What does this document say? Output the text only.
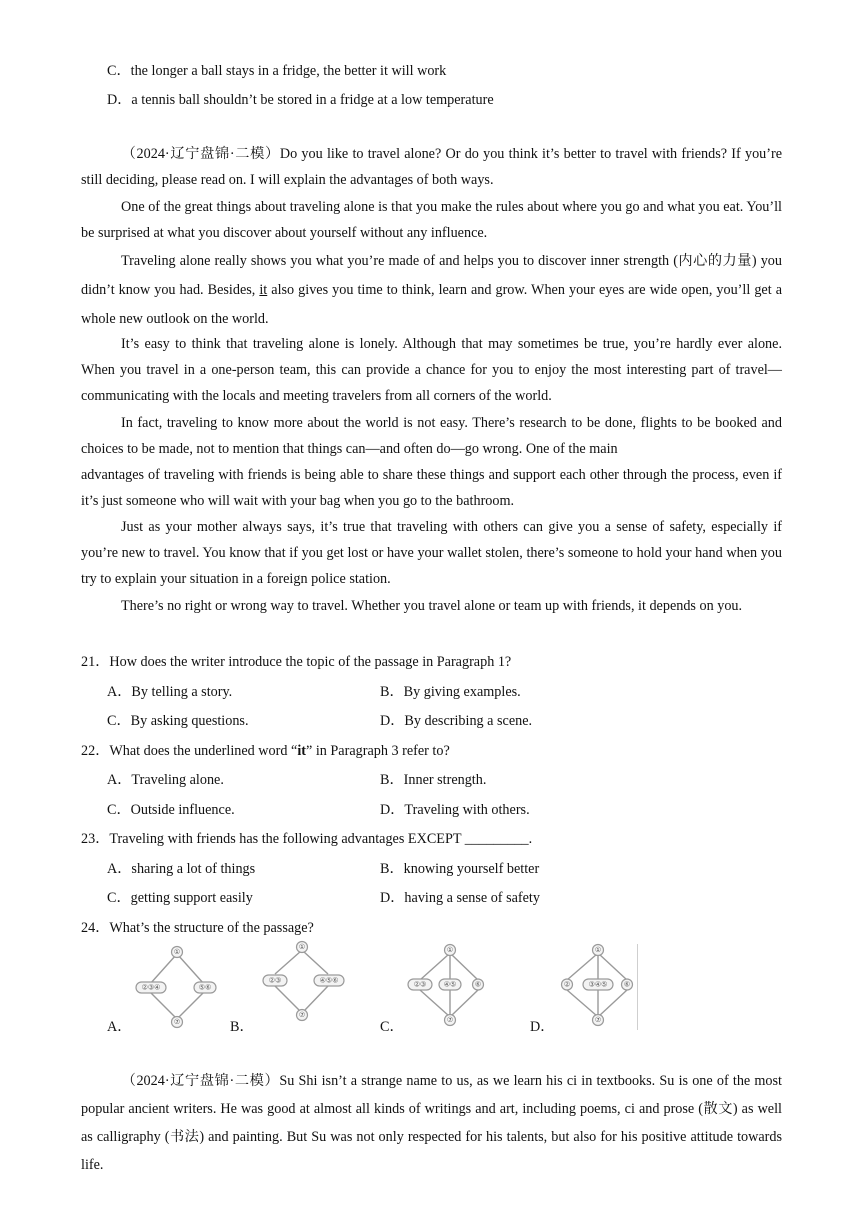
C．the longer a ball stays in a fridge, the better it will work
D．a tennis ball shouldn’t be stored in a fridge at a low temperature

（2024·辽宁盘锦·二模）Do you like to travel alone? Or do you think it’s better to travel with friends? If you’re still deciding, please read on. I will explain the advantages of both ways.

One of the great things about traveling alone is that you make the rules about where you go and what you eat. You’ll be surprised at what you discover about yourself without any influence.

Traveling alone really shows you what you’re made of and helps you to discover inner strength (内心的力量) you didn’t know you had. Besides, it also gives you time to think, learn and grow. When your eyes are wide open, you’ll get a whole new outlook on the world.

It’s easy to think that traveling alone is lonely. Although that may sometimes be true, you’re hardly ever alone. When you travel in a one-person team, this can provide a chance for you to enjoy the most interesting part of travel—communicating with the locals and meeting travelers from all corners of the world.

In fact, traveling to know more about the world is not easy. There’s research to be done, flights to be booked and choices to be made, not to mention that things can—and often do—go wrong. One of the main

advantages of traveling with friends is being able to share these things and support each other through the process, even if it’s just someone who will wait with your bag when you go to the bathroom.

Just as your mother always says, it’s true that traveling with others can give you a sense of safety, especially if you’re new to travel. You know that if you get lost or have your wallet stolen, there’s someone to hold your hand when you try to explain your situation in a foreign police station.

There’s no right or wrong way to travel. Whether you travel alone or team up with friends, it depends on you.

21．How does the writer introduce the topic of the passage in Paragraph 1?
A．By telling a story.	B．By giving examples.
C．By asking questions.	D．By describing a scene.
22．What does the underlined word “it” in Paragraph 3 refer to?
A．Traveling alone.	B．Inner strength.
C．Outside influence.	D．Traveling with others.
23．Traveling with friends has the following advantages EXCEPT _________.
A．sharing a lot of things	B．knowing yourself better
C．getting support easily	D．having a sense of safety
24．What’s the structure of the passage?
A．	B．	C．	D．
①
②③④	⑤⑥
⑦
①
②③	④⑤⑥
⑦
①
②③ ④⑤	⑥
⑦
①
②	③④⑤ ⑥
⑦

（2024·辽宁盘锦·二模）Su Shi isn’t a strange name to us, as we learn his ci in textbooks. Su is one of the most popular ancient writers. He was good at almost all kinds of writings and art, including poems, ci and prose (散文) as well as calligraphy (书法) and painting. But Su was not only respected for his talents, but also for his positive attitude towards life.
